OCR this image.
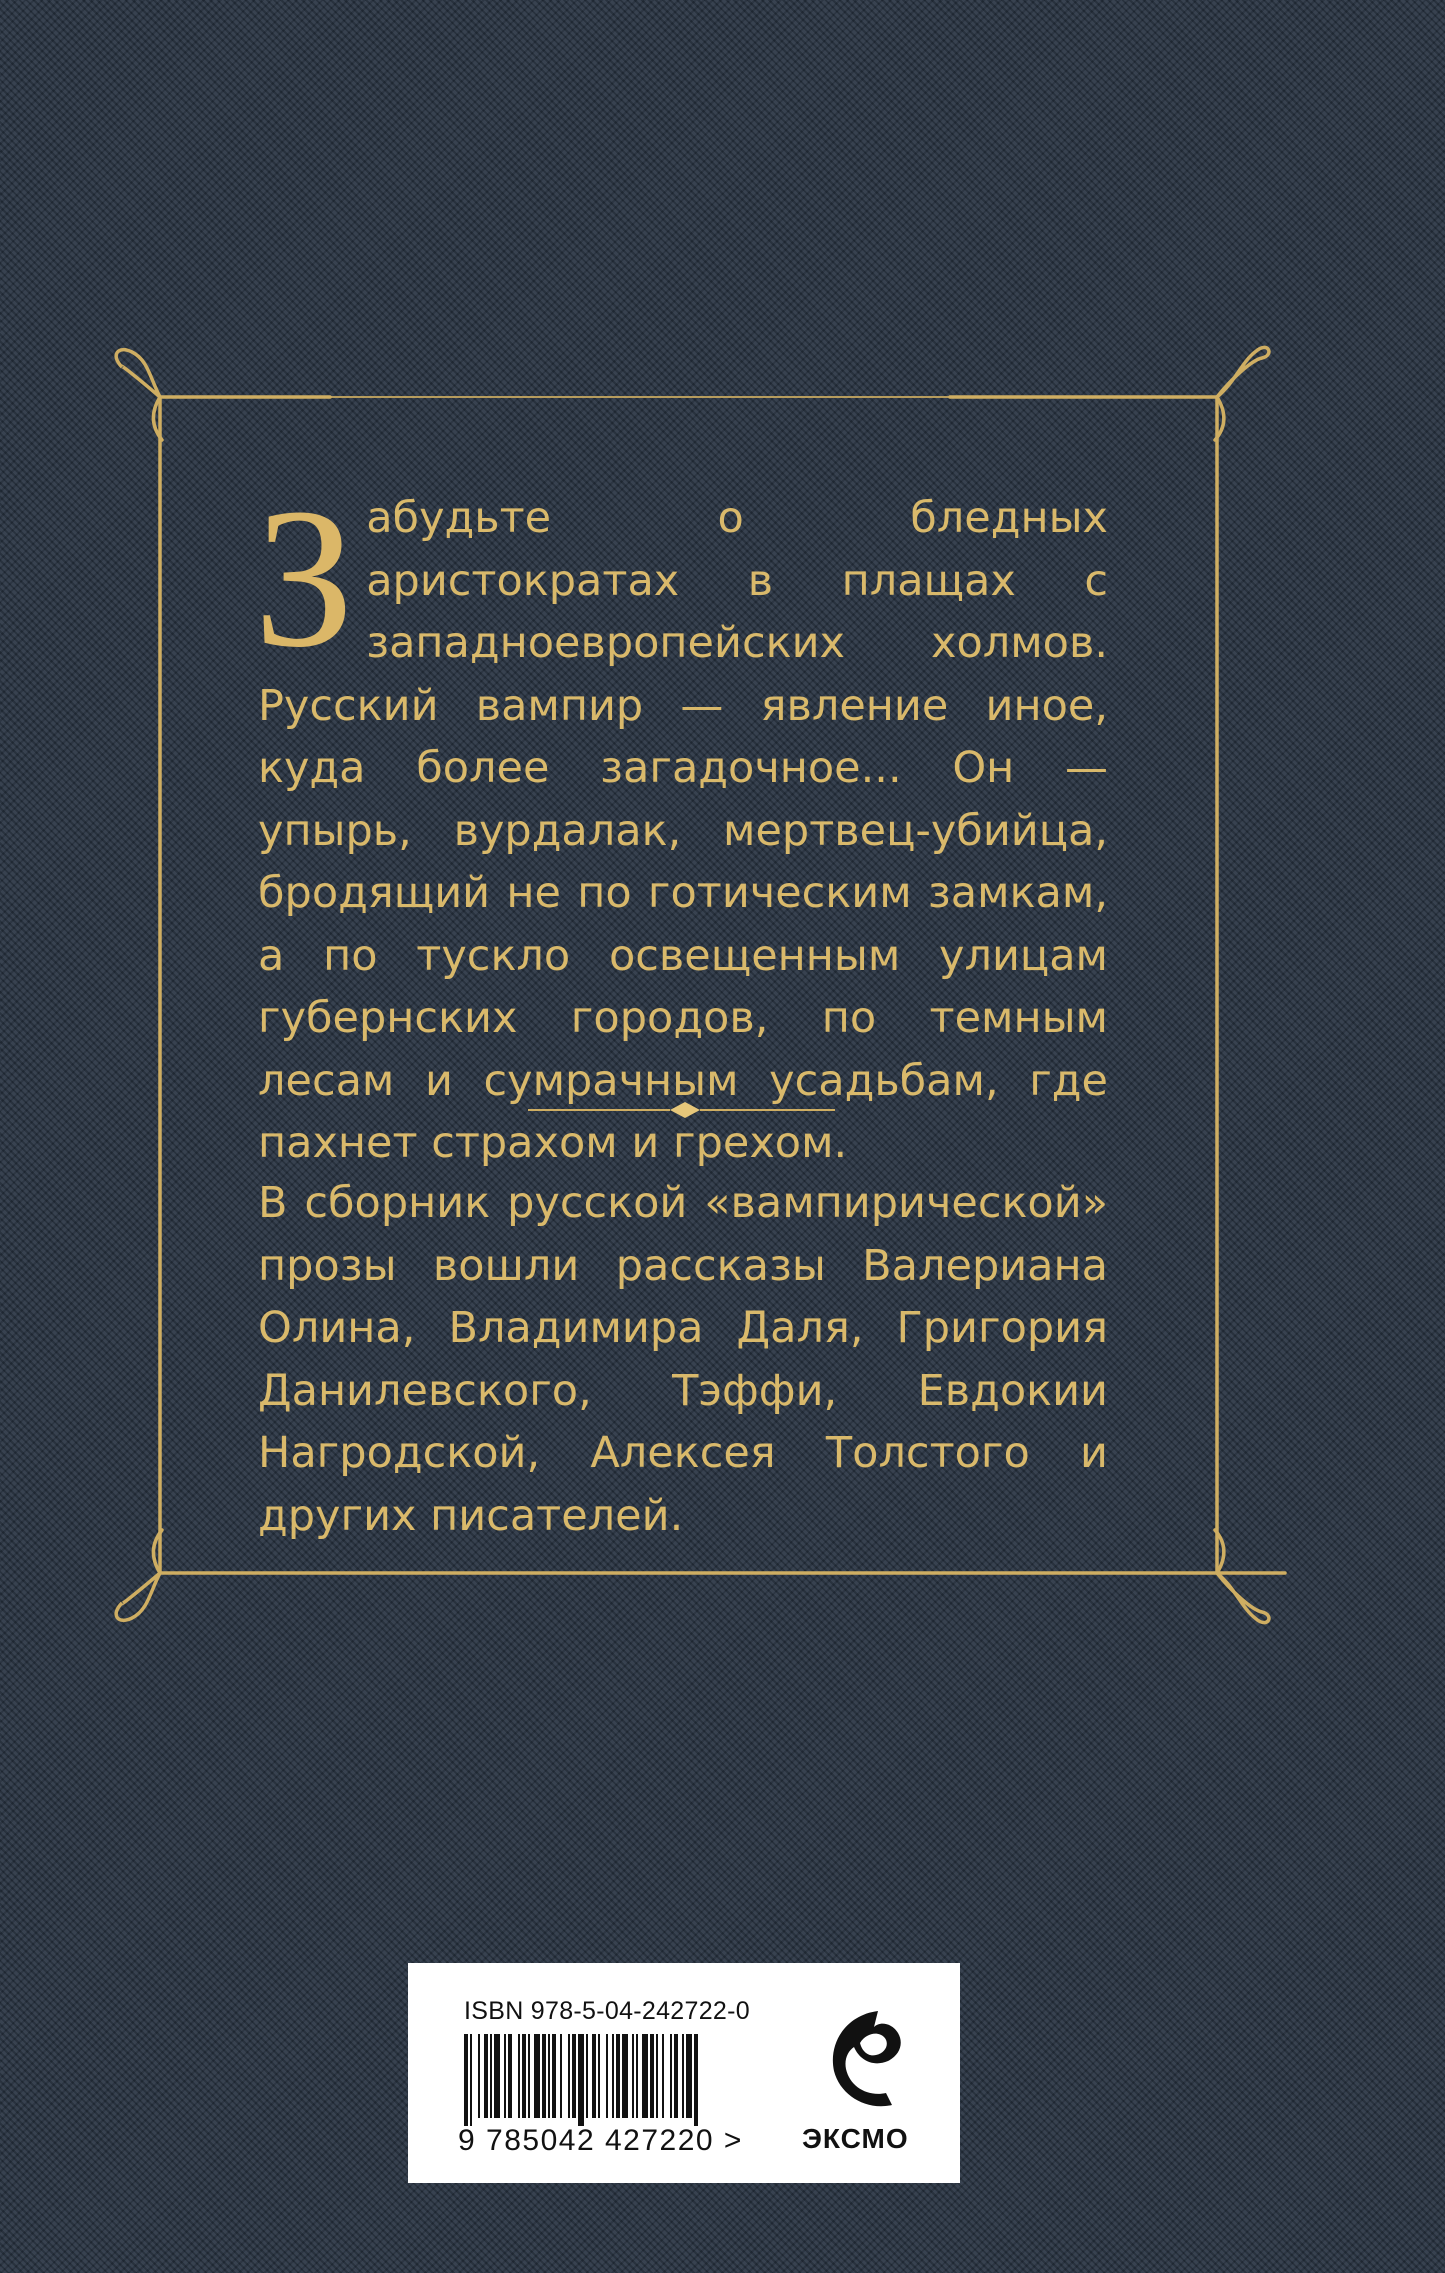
Забудьте о бледных аристократах в плащах с западноевропейских холмов. Русский вампир — явление иное, куда более загадочное... Он — упырь, вурдалак, мертвец-убийца, бродящий не по готическим замкам, а по тускло освещенным улицам губернских городов, по темным лесам и сумрачным усадьбам, где пахнет страхом и грехом.

В сборник русской «вампирической» прозы вошли рассказы Валериана Олина, Владимира Даля, Григория Данилевского, Тэффи, Евдокии Нагродской, Алексея Толстого и других писателей.

ISBN 978-5-04-242722-0
9 785042 427220 > ЭКСМО
